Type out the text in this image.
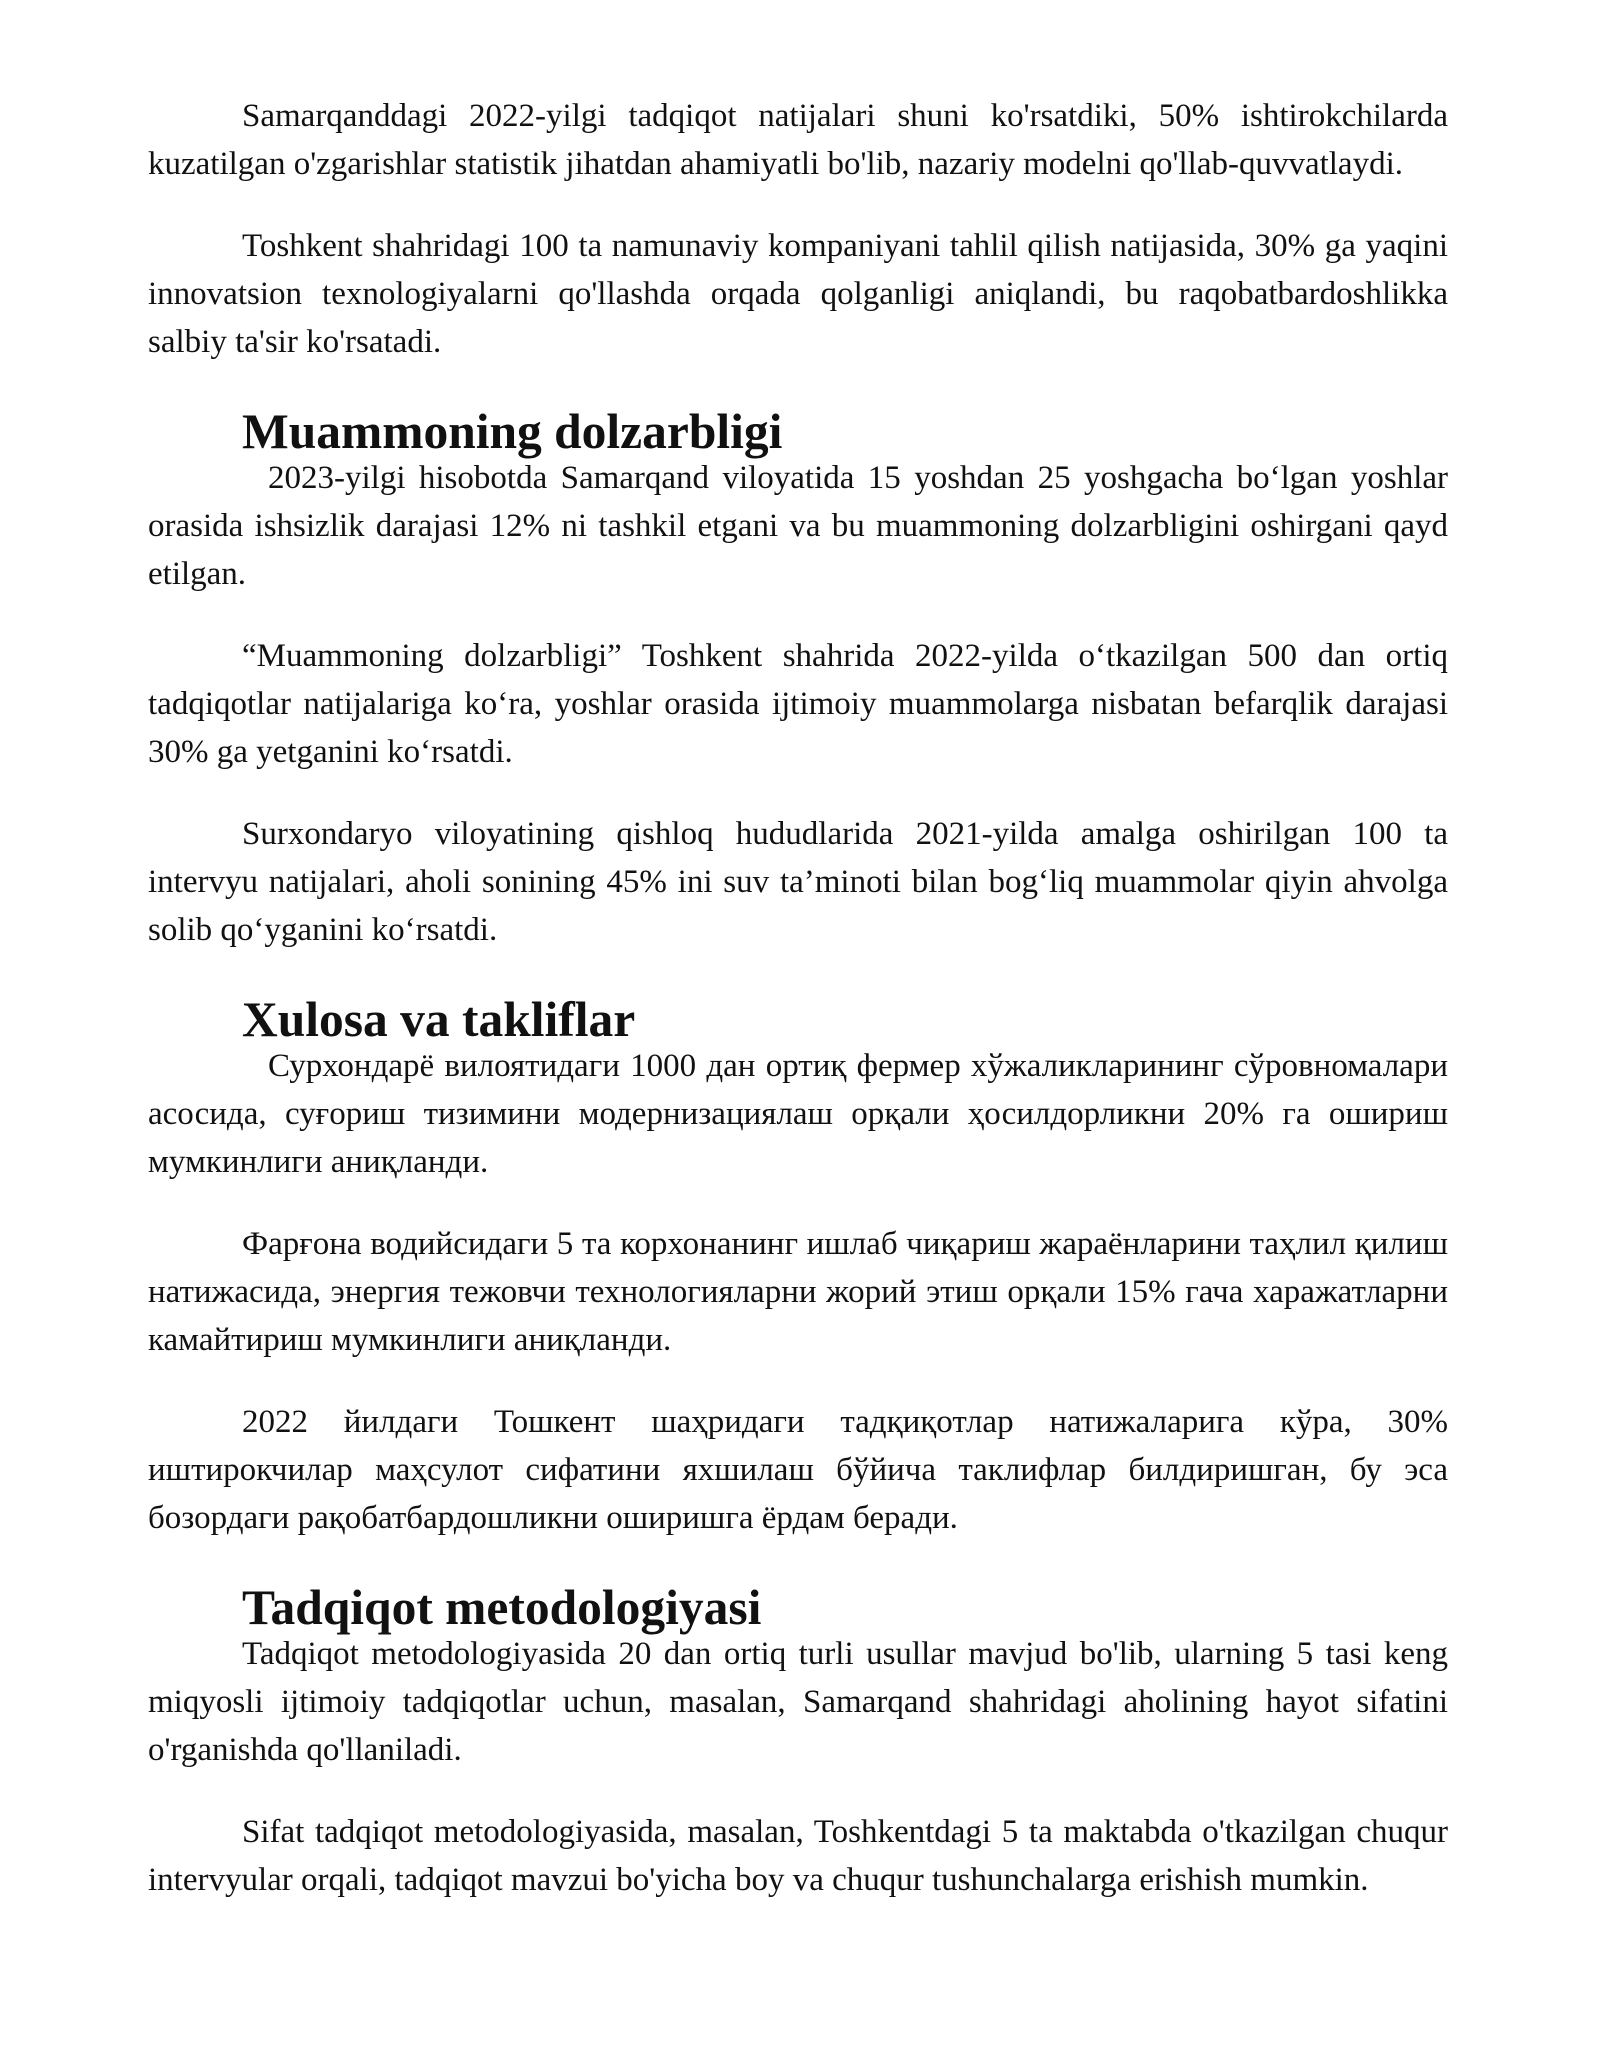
Samarqanddagi 2022-yilgi tadqiqot natijalari shuni ko'rsatdiki, 50% ishtirokchilarda kuzatilgan o'zgarishlar statistik jihatdan ahamiyatli bo'lib, nazariy modelni qo'llab-quvvatlaydi.

Toshkent shahridagi 100 ta namunaviy kompaniyani tahlil qilish natijasida, 30% ga yaqini innovatsion texnologiyalarni qo'llashda orqada qolganligi aniqlandi, bu raqobatbardoshlikka salbiy ta'sir ko'rsatadi.

Muammoning dolzarbligi

2023-yilgi hisobotda Samarqand viloyatida 15 yoshdan 25 yoshgacha bo‘lgan yoshlar orasida ishsizlik darajasi 12% ni tashkil etgani va bu muammoning dolzarbligini oshirgani qayd etilgan.

“Muammoning dolzarbligi” Toshkent shahrida 2022-yilda o‘tkazilgan 500 dan ortiq tadqiqotlar natijalariga ko‘ra, yoshlar orasida ijtimoiy muammolarga nisbatan befarqlik darajasi 30% ga yetganini ko‘rsatdi.

Surxondaryo viloyatining qishloq hududlarida 2021-yilda amalga oshirilgan 100 ta intervyu natijalari, aholi sonining 45% ini suv ta’minoti bilan bog‘liq muammolar qiyin ahvolga solib qo‘yganini ko‘rsatdi.

Xulosa va takliflar

Сурхондарё вилоятидаги 1000 дан ортиқ фермер хўжаликларининг сўровномалари асосида, суғориш тизимини модернизациялаш орқали ҳосилдорликни 20% га ошириш мумкинлиги аниқланди.

Фарғона водийсидаги 5 та корхонанинг ишлаб чиқариш жараёнларини таҳлил қилиш натижасида, энергия тежовчи технологияларни жорий этиш орқали 15% гача харажатларни камайтириш мумкинлиги аниқланди.

2022 йилдаги Тошкент шаҳридаги тадқиқотлар натижаларига кўра, 30% иштирокчилар маҳсулот сифатини яхшилаш бўйича таклифлар билдиришган, бу эса бозордаги рақобатбардошликни оширишга ёрдам беради.

Tadqiqot metodologiyasi

Tadqiqot metodologiyasida 20 dan ortiq turli usullar mavjud bo'lib, ularning 5 tasi keng miqyosli ijtimoiy tadqiqotlar uchun, masalan, Samarqand shahridagi aholining hayot sifatini o'rganishda qo'llaniladi.

Sifat tadqiqot metodologiyasida, masalan, Toshkentdagi 5 ta maktabda o'tkazilgan chuqur intervyular orqali, tadqiqot mavzui bo'yicha boy va chuqur tushunchalarga erishish mumkin.
